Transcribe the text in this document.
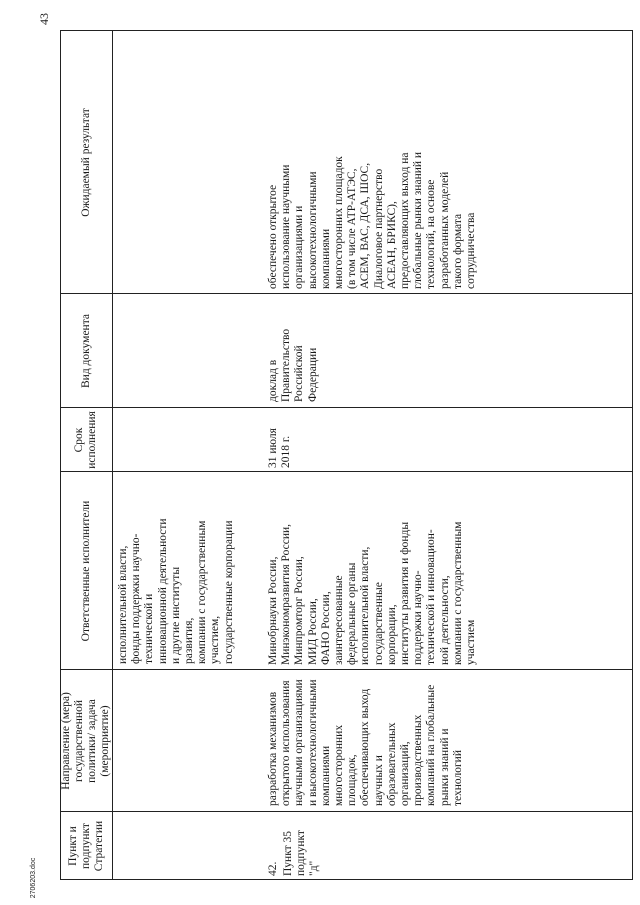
43
Пункт и подпункт Стратегии
Направление (мера) государственной политики/ задача (мероприятие)
Ответственные исполнители
Срок исполнения
Вид документа
Ожидаемый результат
исполнительной власти,
фонды поддержки научно-
технической и
инновационной деятельности
и другие институты
развития,
компании с государственным
участием,
государственные корпорации
42. Пункт 35
подпункт "д"
Минобрнауки России,
Минэкономразвития России,
Минпромторг России,
МИД России,
ФАНО России,
заинтересованные
федеральные органы
исполнительной власти,
государственные
корпорации,
институты развития и фонды
поддержки научно-
технической и инновацион-
ной деятельности,
компании с государственным
участием
разработка механизмов
открытого использования
научными организациями
и высокотехнологичными
компаниями
многосторонних
площадок,
обеспечивающих выход
научных и образовательных
организаций,
производственных
компаний на глобальные
рынки знаний и технологий
31 июля
2018 г.
доклад в
Правительство
Российской
Федерации
обеспечено открытое
использование научными
организациями и
высокотехнологичными
компаниями
многосторонних площадок
(в том числе АТР-АТЭС,
АСЕМ, ВАС, ДСА, ШОС,
Диалоговое партнерство
АСЕАН, БРИКС),
предоставляющих выход на
глобальные рынки знаний и
технологий, на основе
разработанных моделей
такого формата
сотрудничества
2706203.doc
